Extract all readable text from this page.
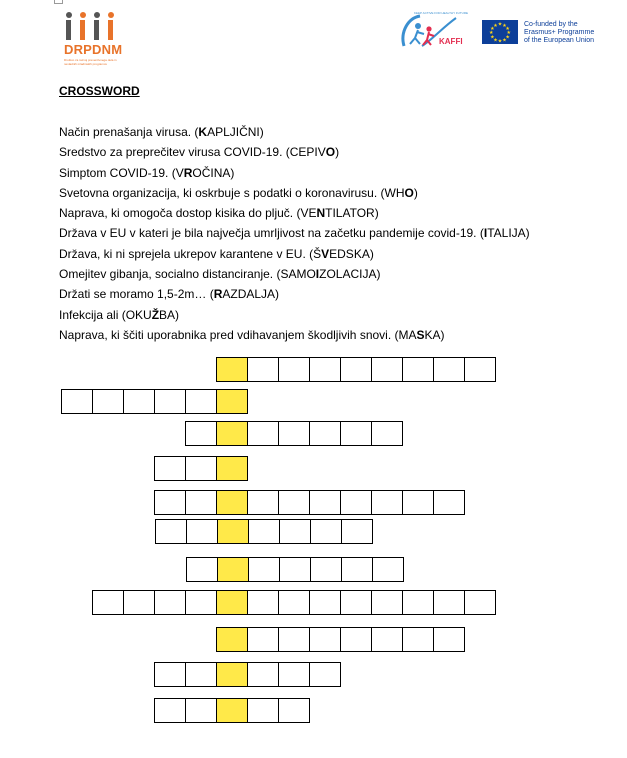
DRPDNM
Društvo za razvoj preventivnega dela in nevladnih mladinskih programov
KEEP ACTIVE FOR HEALTHY FUTURE
KAFFI
★ ★
★
★
★
★
★
★
★
★
★
★	Co-funded by the
Erasmus+ Programme
of the European Union
CROSSWORD
Način prenašanja virusa. (KAPLJIČNI)
Sredstvo za preprečitev virusa COVID-19. (CEPIVO)
Simptom COVID-19. (VROČINA)
Svetovna organizacija, ki oskrbuje s podatki o koronavirusu. (WHO)
Naprava, ki omogoča dostop kisika do pljuč. (VENTILATOR)
Država v EU v kateri je bila največja umrljivost na začetku pandemije covid-19. (ITALIJA)
Država, ki ni sprejela ukrepov karantene v EU. (ŠVEDSKA)
Omejitev gibanja, socialno distanciranje. (SAMOIZOLACIJA)
Držati se moramo 1,5-2m… (RAZDALJA)
Infekcija ali (OKUŽBA)
Naprava, ki ščiti uporabnika pred vdihavanjem škodljivih snovi. (MASKA)
